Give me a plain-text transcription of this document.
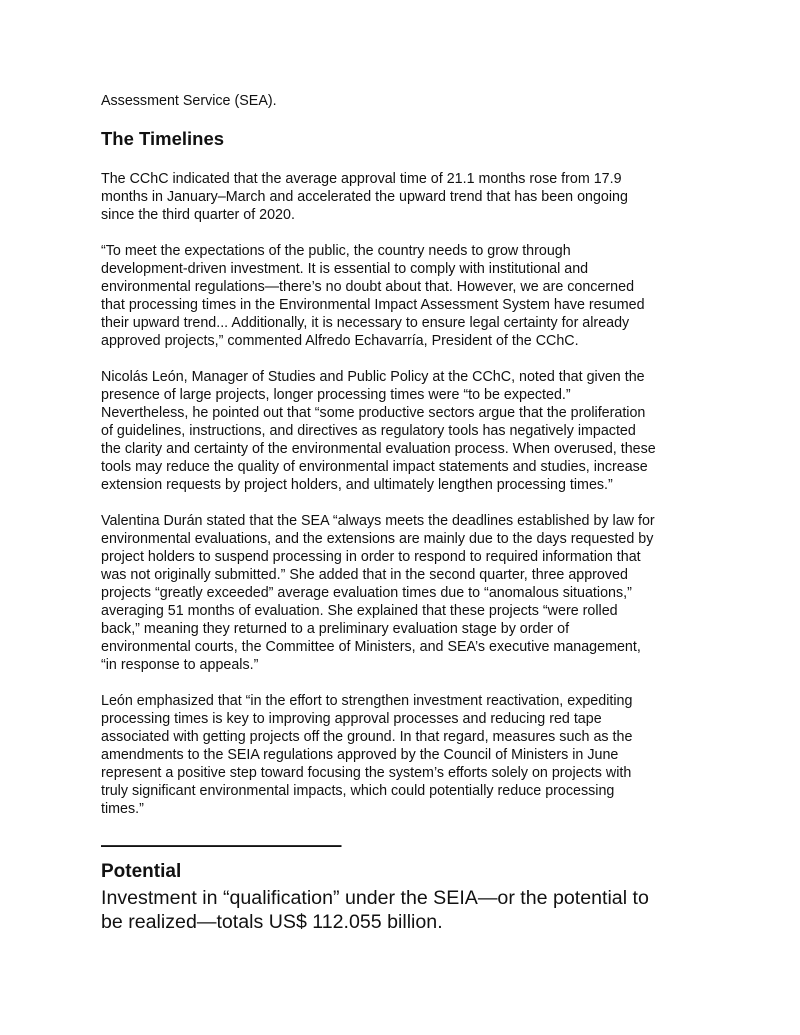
Assessment Service (SEA).

The Timelines

The CChC indicated that the average approval time of 21.1 months rose from 17.9
months in January–March and accelerated the upward trend that has been ongoing
since the third quarter of 2020.

“To meet the expectations of the public, the country needs to grow through
development-driven investment. It is essential to comply with institutional and
environmental regulations—there’s no doubt about that. However, we are concerned
that processing times in the Environmental Impact Assessment System have resumed
their upward trend... Additionally, it is necessary to ensure legal certainty for already
approved projects,” commented Alfredo Echavarría, President of the CChC.

Nicolás León, Manager of Studies and Public Policy at the CChC, noted that given the
presence of large projects, longer processing times were “to be expected.”
Nevertheless, he pointed out that “some productive sectors argue that the proliferation
of guidelines, instructions, and directives as regulatory tools has negatively impacted
the clarity and certainty of the environmental evaluation process. When overused, these
tools may reduce the quality of environmental impact statements and studies, increase
extension requests by project holders, and ultimately lengthen processing times.”

Valentina Durán stated that the SEA “always meets the deadlines established by law for
environmental evaluations, and the extensions are mainly due to the days requested by
project holders to suspend processing in order to respond to required information that
was not originally submitted.” She added that in the second quarter, three approved
projects “greatly exceeded” average evaluation times due to “anomalous situations,”
averaging 51 months of evaluation. She explained that these projects “were rolled
back,” meaning they returned to a preliminary evaluation stage by order of
environmental courts, the Committee of Ministers, and SEA’s executive management,
“in response to appeals.”

León emphasized that “in the effort to strengthen investment reactivation, expediting
processing times is key to improving approval processes and reducing red tape
associated with getting projects off the ground. In that regard, measures such as the
amendments to the SEIA regulations approved by the Council of Ministers in June
represent a positive step toward focusing the system’s efforts solely on projects with
truly significant environmental impacts, which could potentially reduce processing
times.”

—————————————
Potential

Investment in “qualification” under the SEIA—or the potential to
be realized—totals US$ 112.055 billion.
